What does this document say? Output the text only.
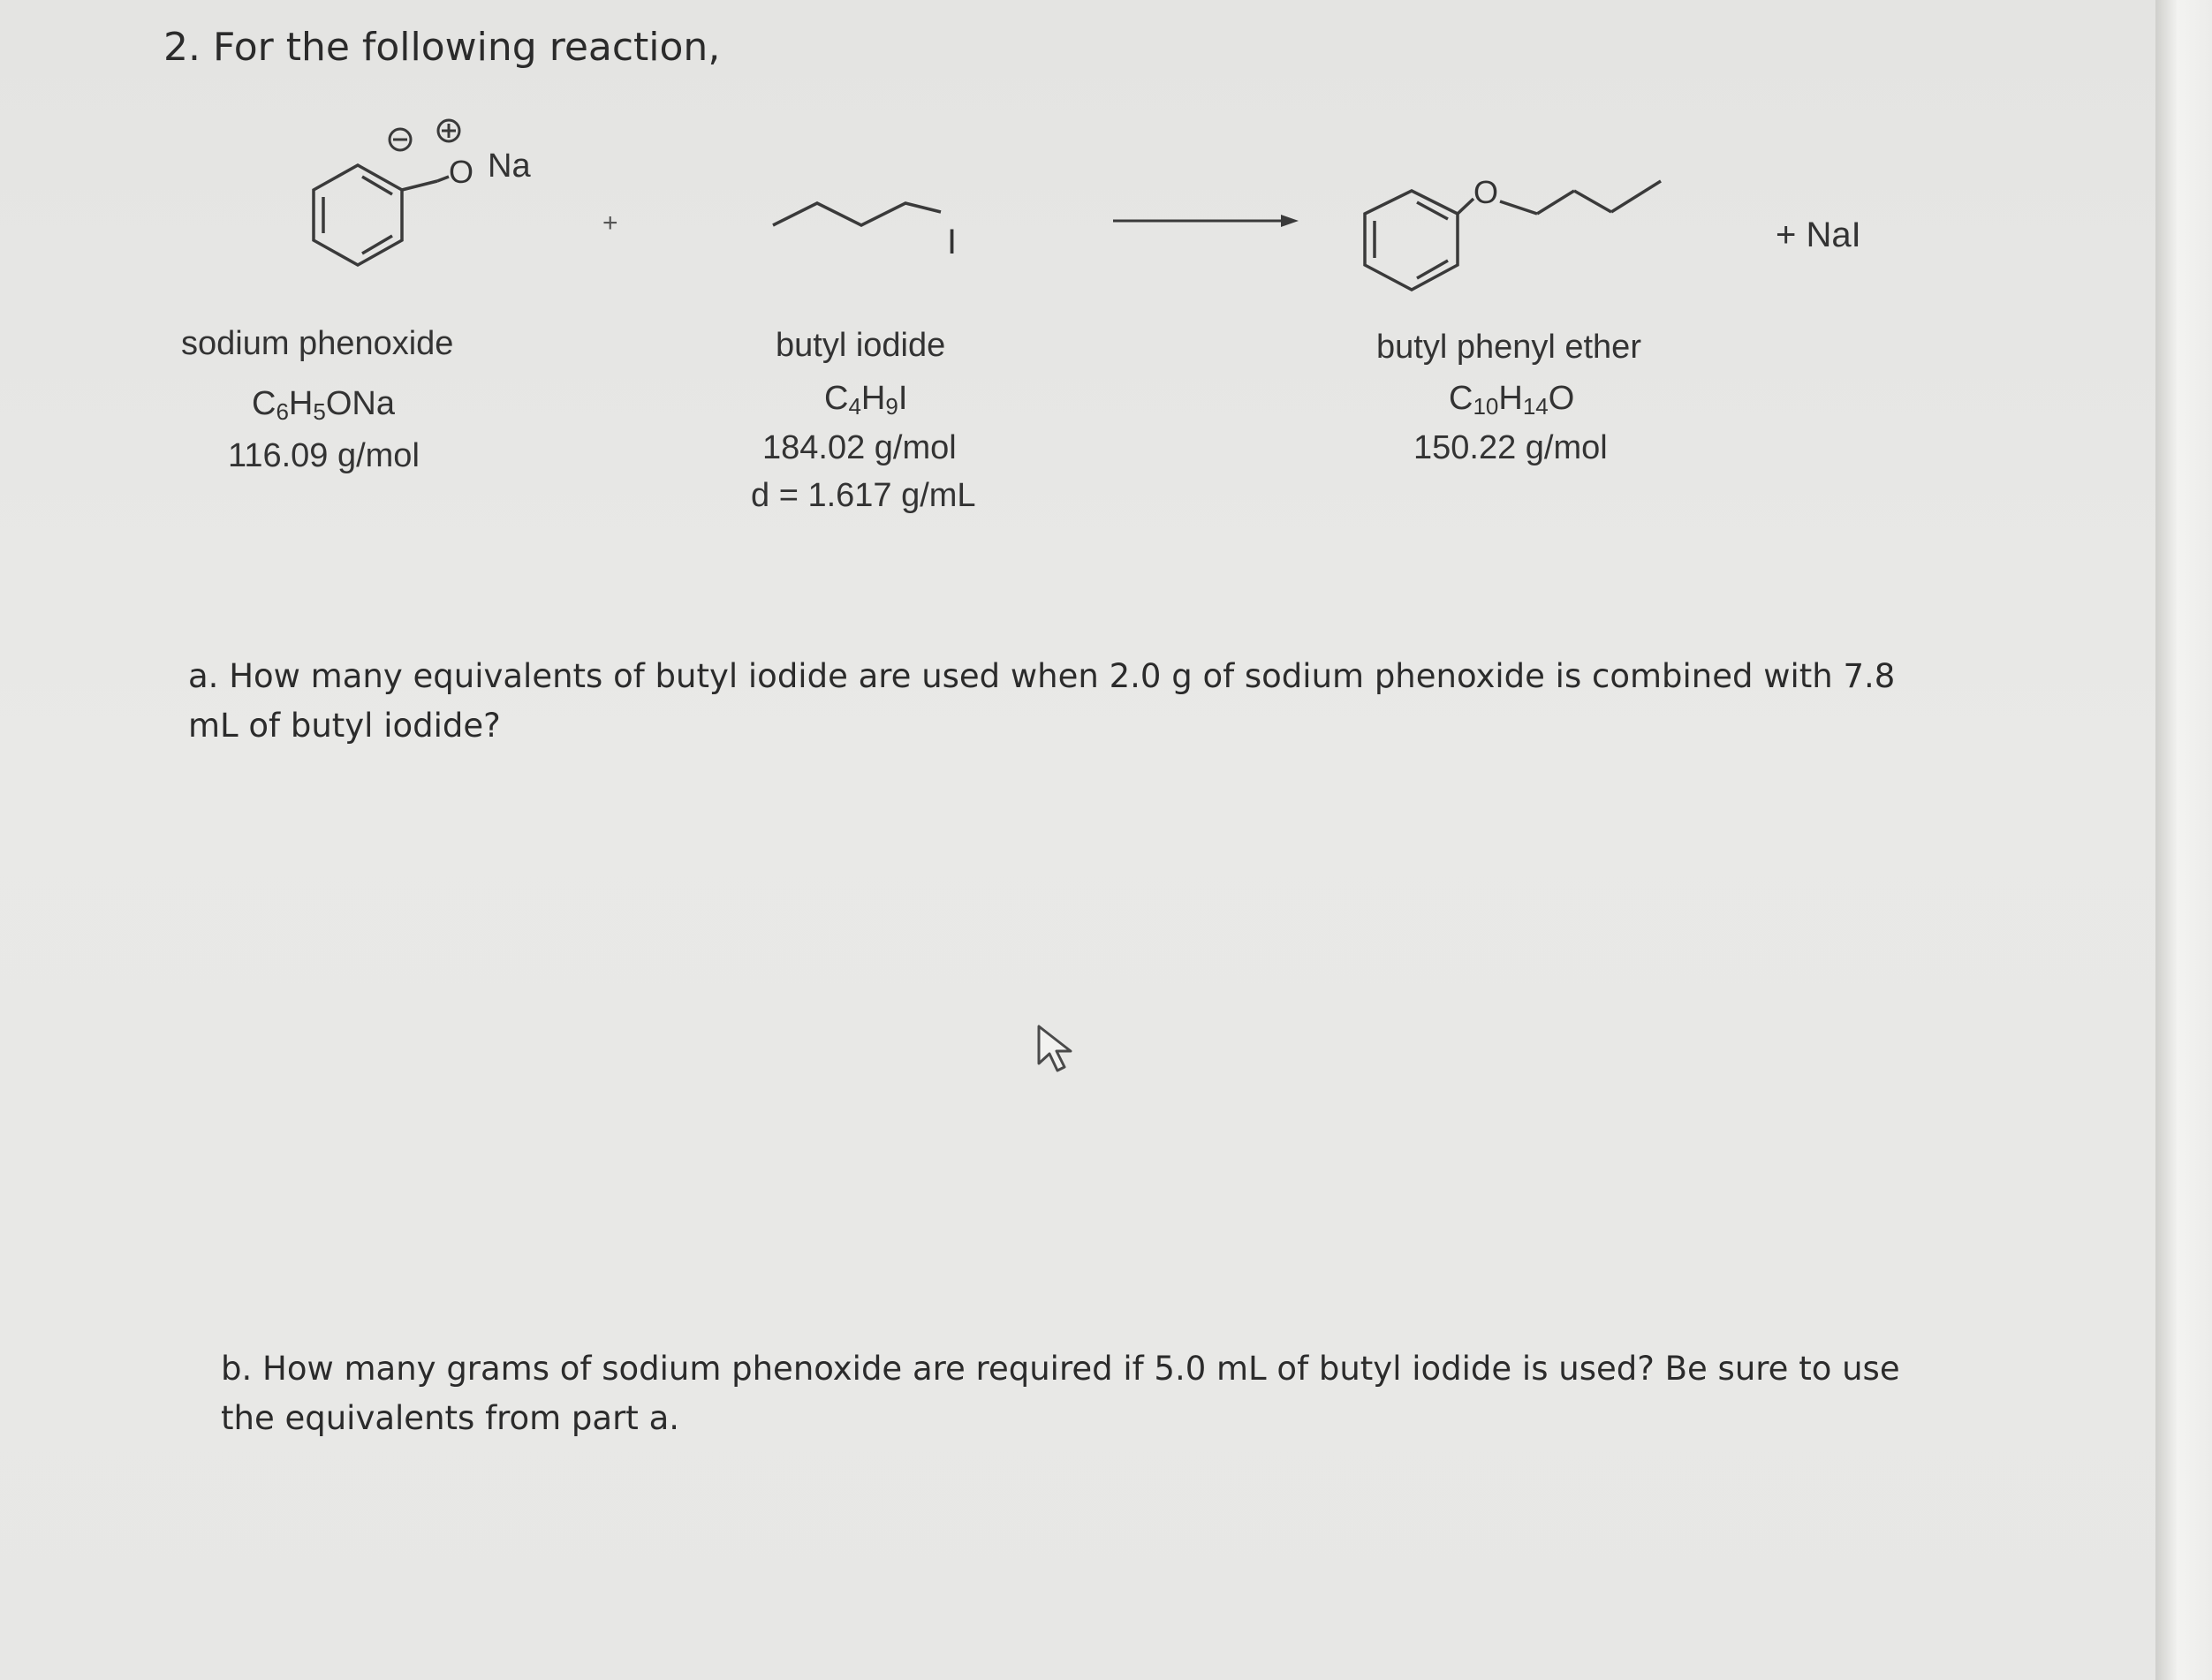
2. For the following reaction,
O Na
+	I
O
+ NaI
sodium phenoxide
$C_6H_5ONa$
116.09 g/mol
butyl iodide
$C_4H_9I$
184.02 g/mol
d = 1.617 g/mL
butyl phenyl ether
$C_{10}H_{14}O$
150.22 g/mol
a. How many equivalents of butyl iodide are used when 2.0 g of sodium phenoxide is combined with 7.8
mL of butyl iodide?
b. How many grams of sodium phenoxide are required if 5.0 mL of butyl iodide is used? Be sure to use
the equivalents from part a.
